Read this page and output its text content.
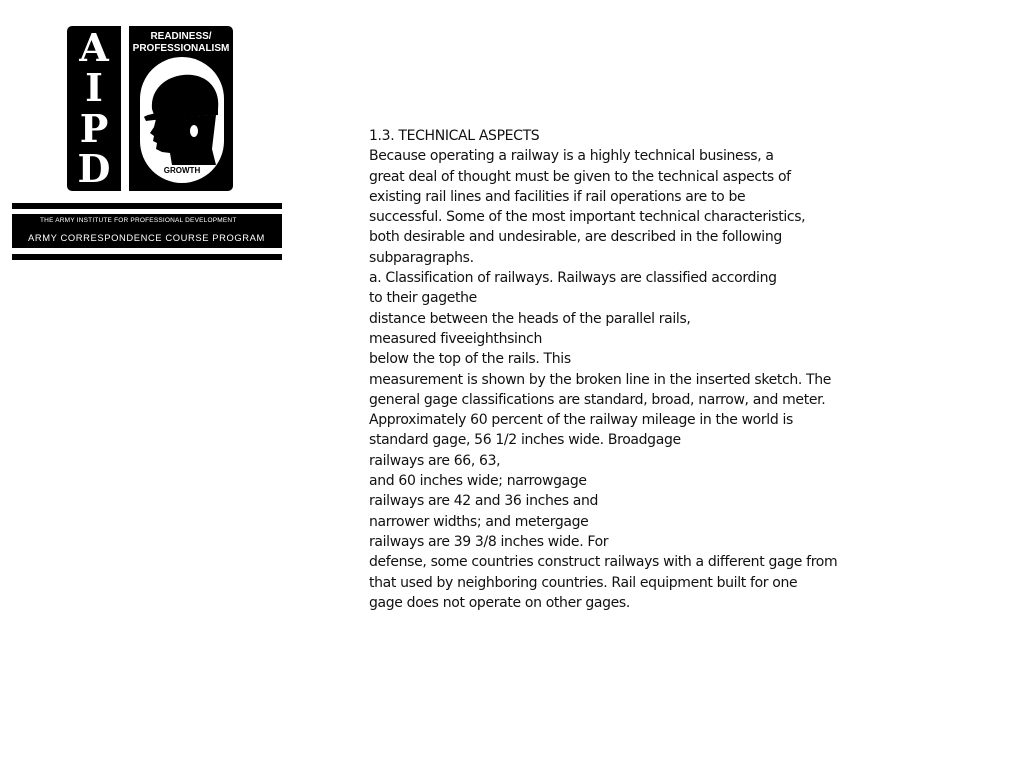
A
I
P
D
READINESS/
PROFESSIONALISM
THRU
GROWTH
THE ARMY INSTITUTE FOR PROFESSIONAL DEVELOPMENT
ARMY CORRESPONDENCE COURSE PROGRAM
1.3. TECHNICAL ASPECTS
Because operating a railway is a highly technical business, a
great deal of thought must be given to the technical aspects of
existing rail lines and facilities if rail operations are to be
successful. Some of the most important technical characteristics,
both desirable and undesirable, are described in the following
subparagraphs.
a. Classification of railways. Railways are classified according
to their gagethe
distance between the heads of the parallel rails,
measured fiveeighthsinch
below the top of the rails. This
measurement is shown by the broken line in the inserted sketch. The
general gage classifications are standard, broad, narrow, and meter.
Approximately 60 percent of the railway mileage in the world is
standard gage, 56 1/2 inches wide. Broadgage
railways are 66, 63,
and 60 inches wide; narrowgage
railways are 42 and 36 inches and
narrower widths; and metergage
railways are 39 3/8 inches wide. For
defense, some countries construct railways with a different gage from
that used by neighboring countries. Rail equipment built for one
gage does not operate on other gages.
